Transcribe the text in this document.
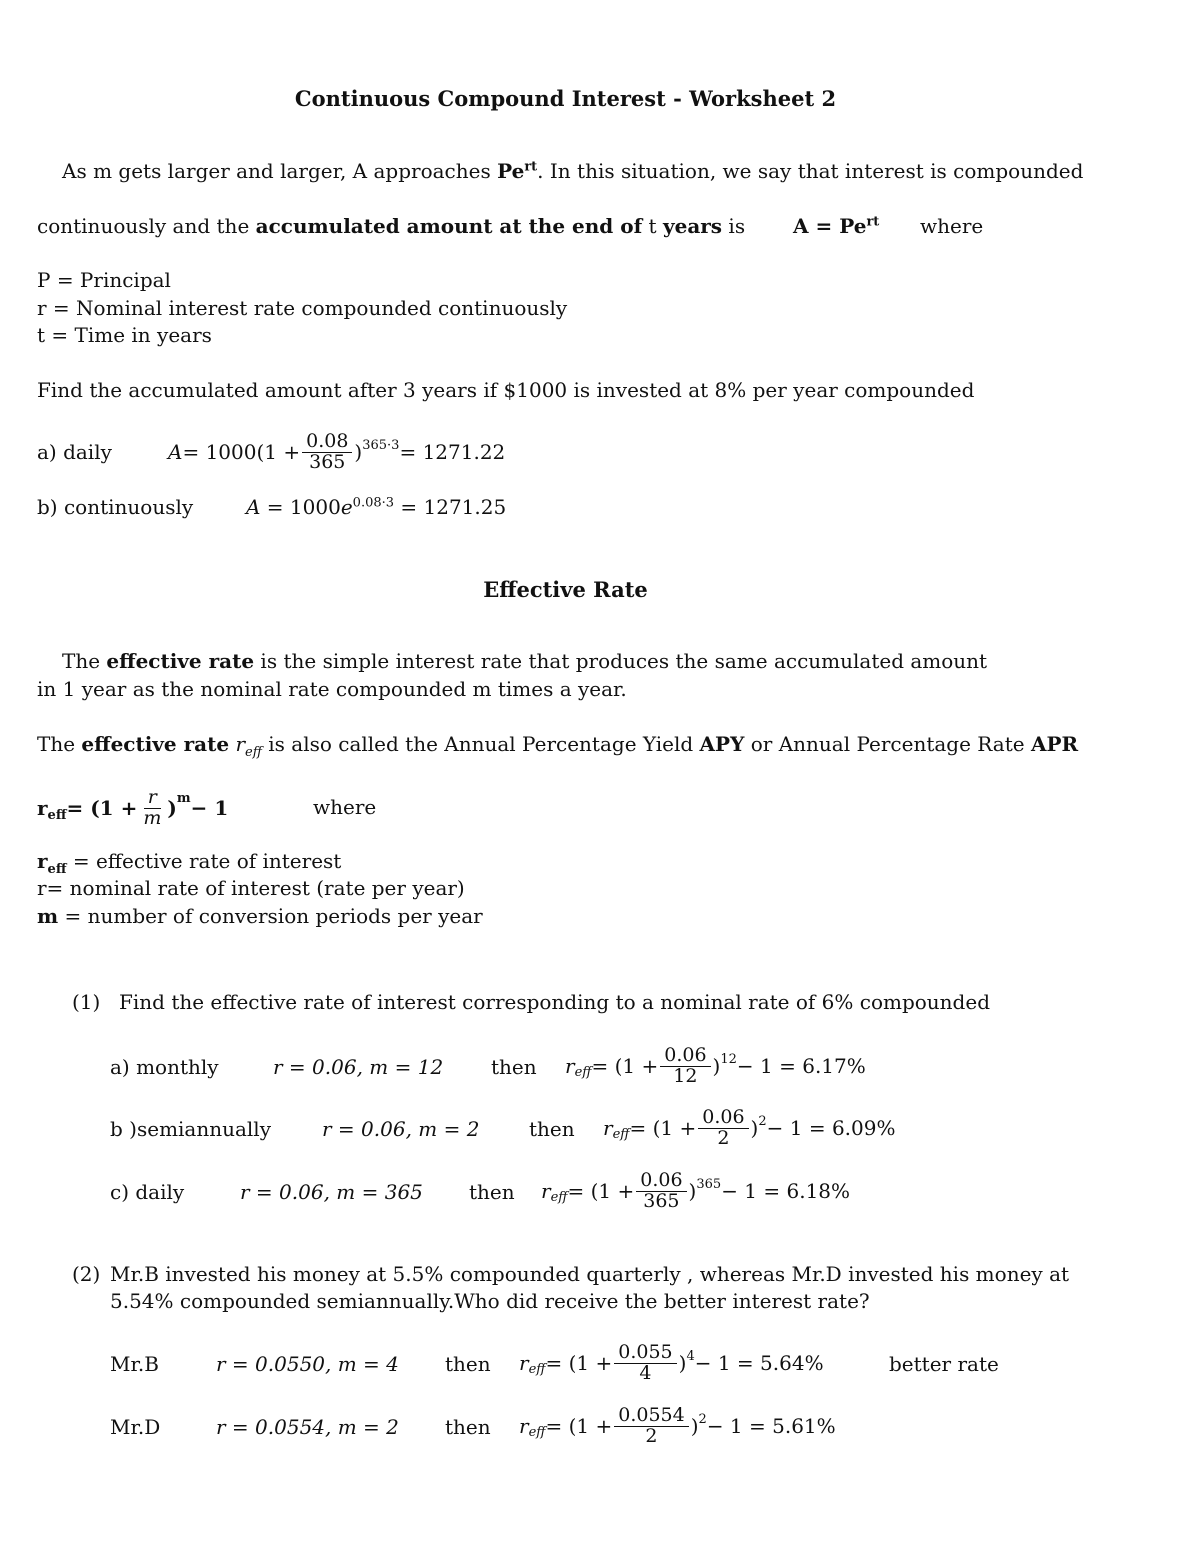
Continuous Compound Interest - Worksheet 2
As m gets larger and larger, A approaches $Pe^{rt}$. In this situation, we say that interest is compounded
continuously and the accumulated amount at the end of t years is $A = Pe^{rt}$ where
P = Principal
r = Nominal interest rate compounded continuously
t = Time in years
Find the accumulated amount after 3 years if $1000 is invested at 8% per year compounded
a) daily	$A = 1000(1 + \frac{0.08}{365}$ ) 365·3 = 1271.22
b) continuously	$A = 1000e^{0.08\cdot 3} = 1271.25$
Effective Rate
The effective rate is the simple interest rate that produces the same accumulated amount
in 1 year as the nominal rate compounded m times a year.
The effective rate $r_{eff}$ is also called the Annual Percentage Yield APY or Annual Percentage Rate APR
r eff = ($1 + \frac{r}{m}$ ) m − 1	where
$r_{eff}$ = effective rate of interest
r= nominal rate of interest (rate per year)
m = number of conversion periods per year
(1) Find the effective rate of interest corresponding to a nominal rate of 6% compounded
a) monthly	r = 0.06, m = 12 then r eff = ($1 + \frac{0.06}{12}$ ) 12 − 1 = 6.17%
b )semiannually	r = 0.06, m = 2 then r eff = ($1 + \frac{0.06}{2}$ ) 2 − 1 = 6.09%
c) daily	r = 0.06, m = 365 then r eff = ($1 + \frac{0.06}{365}$ ) 365 − 1 = 6.18%
(2) Mr.B invested his money at 5.5% compounded quarterly , whereas Mr.D invested his money at
5.54% compounded semiannually.Who did receive the better interest rate?
Mr.B	r = 0.0550, m = 4 then r eff = ($1 + \frac{0.055}{4}$ ) 4 − 1 = 5.64%	better rate
Mr.D	r = 0.0554, m = 2 then r eff = ($1 + \frac{0.0554}{2}$ ) 2 − 1 = 5.61%
